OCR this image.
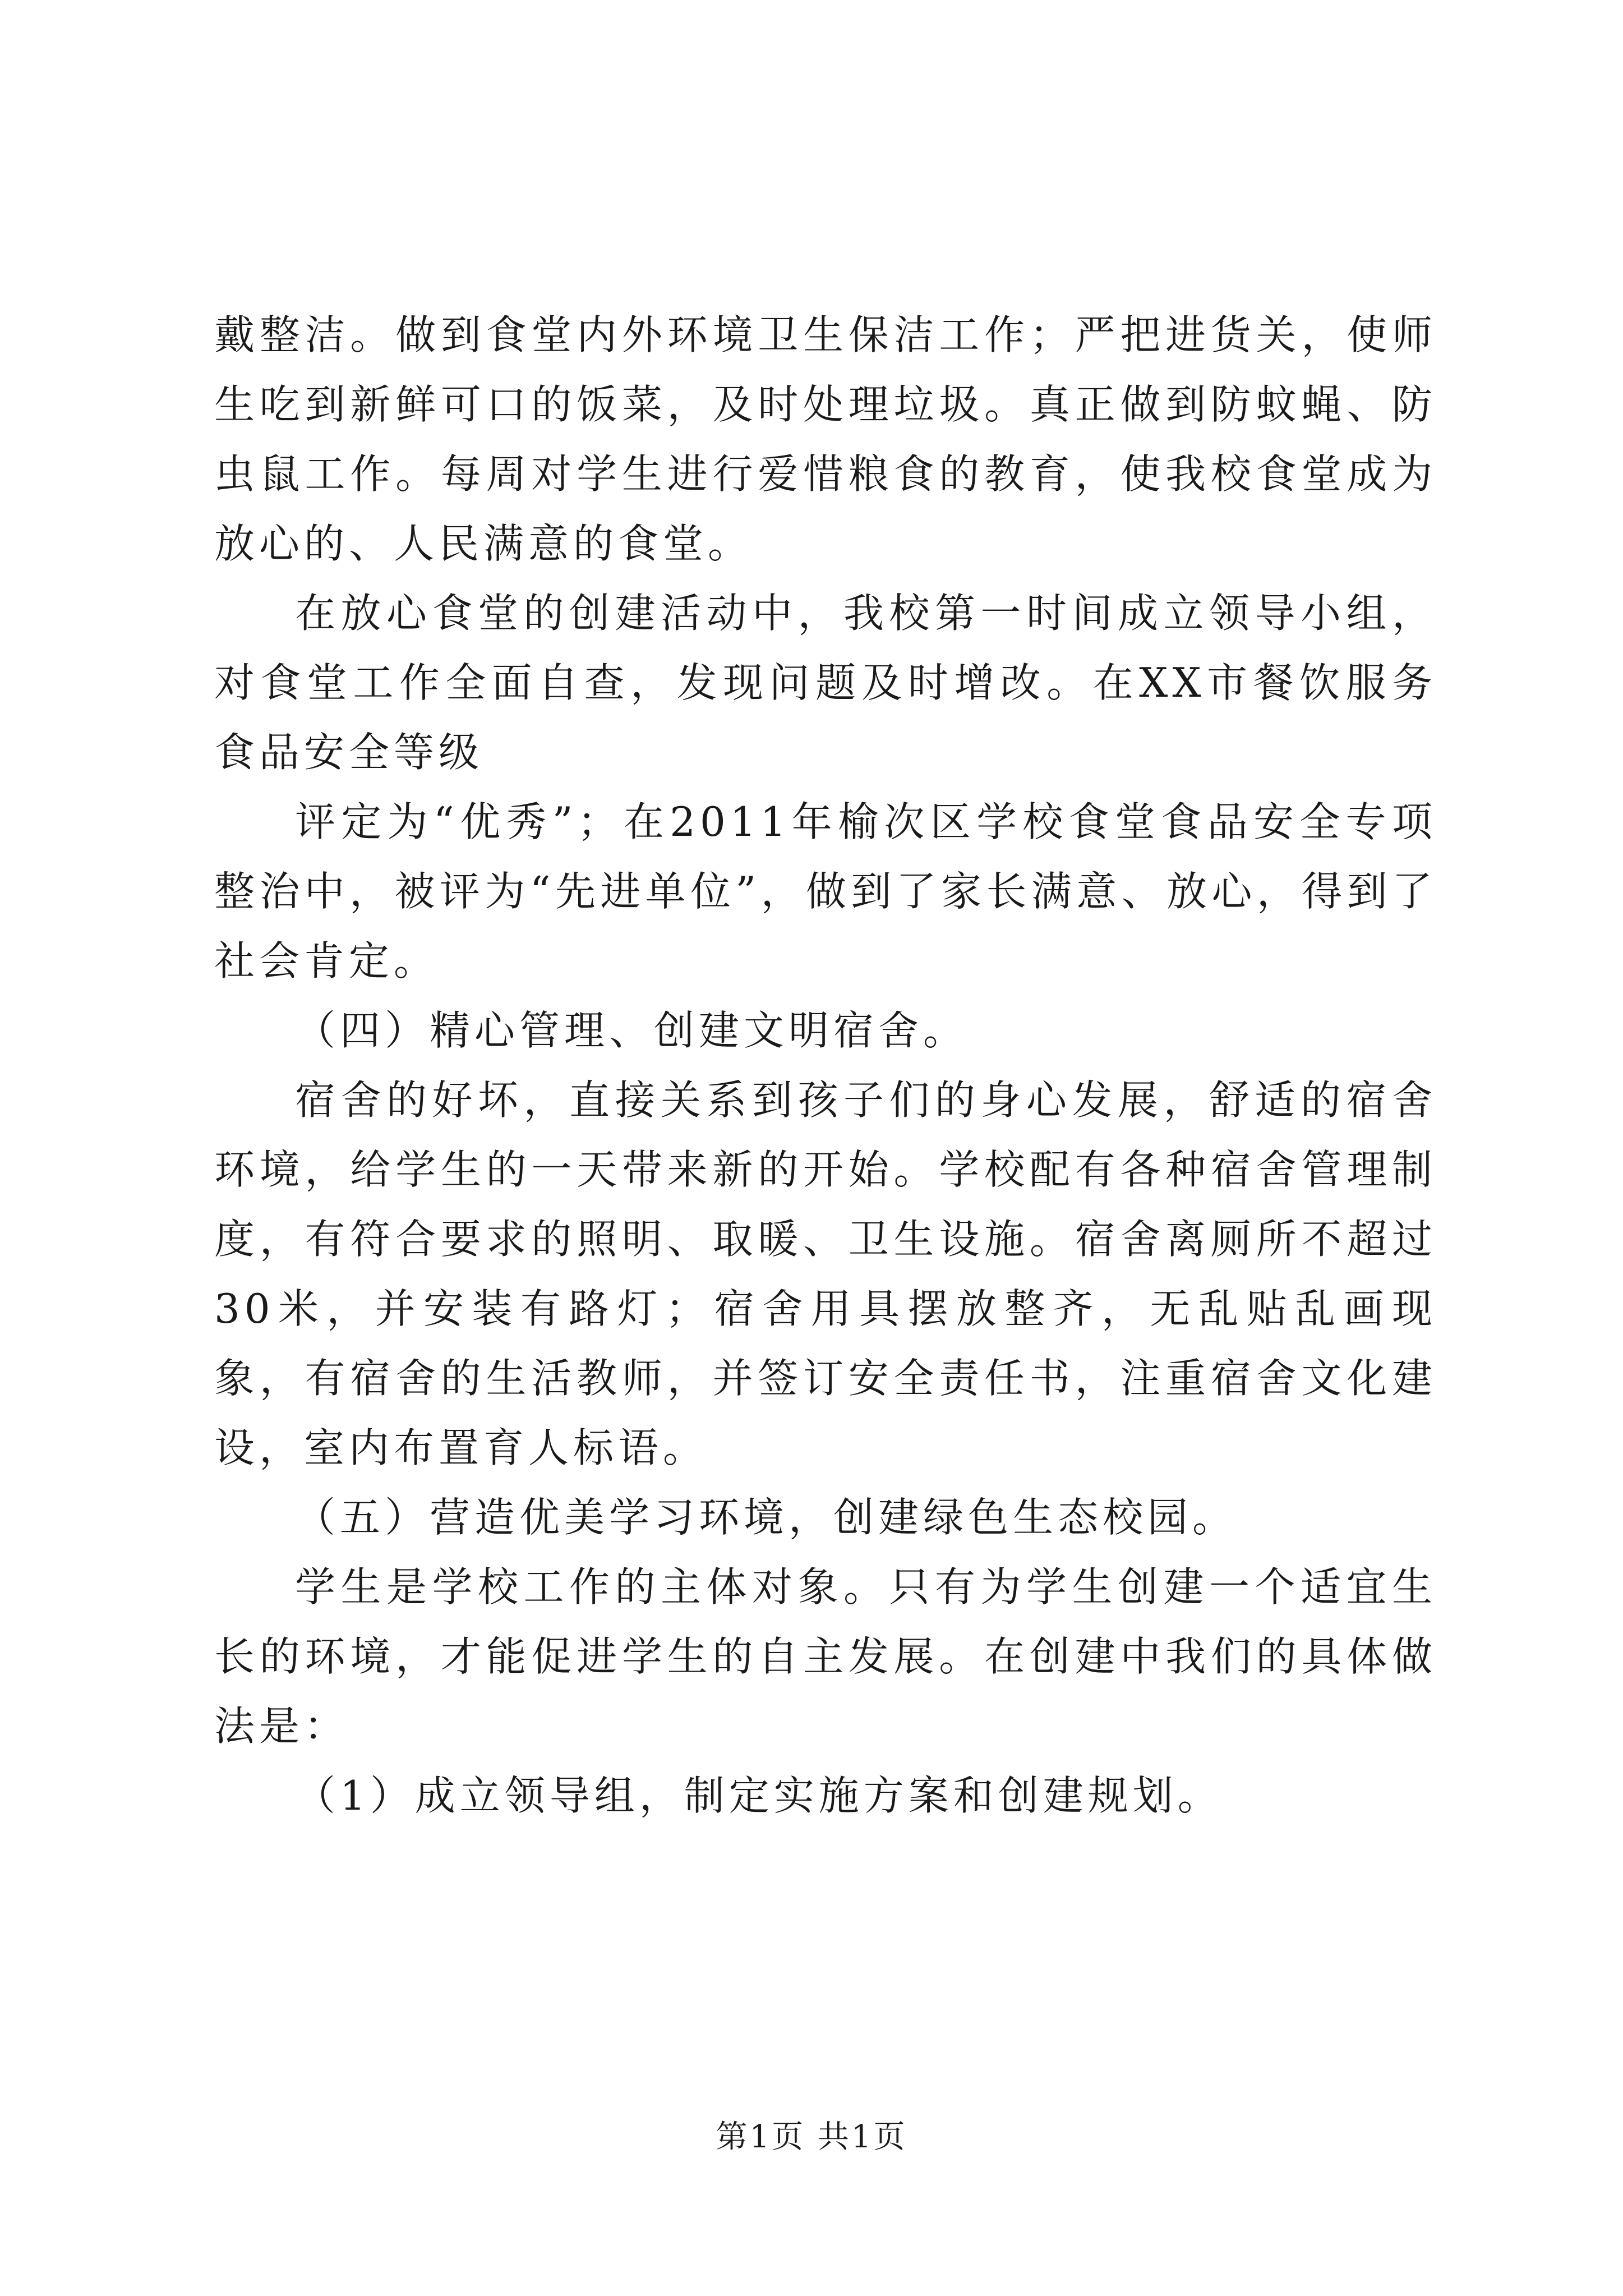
戴整洁。做到食堂内外环境卫生保洁工作；严把进货关，使师生吃到新鲜可口的饭菜，及时处理垃圾。真正做到防蚊蝇、防虫鼠工作。每周对学生进行爱惜粮食的教育，使我校食堂成为放心的、人民满意的食堂。

在放心食堂的创建活动中，我校第一时间成立领导小组，对食堂工作全面自查，发现问题及时增改。在XX市餐饮服务食品安全等级

评定为“优秀”；在2011年榆次区学校食堂食品安全专项整治中，被评为“先进单位”，做到了家长满意、放心，得到了社会肯定。

（四）精心管理、创建文明宿舍。

宿舍的好坏，直接关系到孩子们的身心发展，舒适的宿舍环境，给学生的一天带来新的开始。学校配有各种宿舍管理制度，有符合要求的照明、取暖、卫生设施。宿舍离厕所不超过30米，并安装有路灯；宿舍用具摆放整齐，无乱贴乱画现象，有宿舍的生活教师，并签订安全责任书，注重宿舍文化建设，室内布置育人标语。

（五）营造优美学习环境，创建绿色生态校园。

学生是学校工作的主体对象。只有为学生创建一个适宜生长的环境，才能促进学生的自主发展。在创建中我们的具体做法是：

（1）成立领导组，制定实施方案和创建规划。

第1页 共1页
